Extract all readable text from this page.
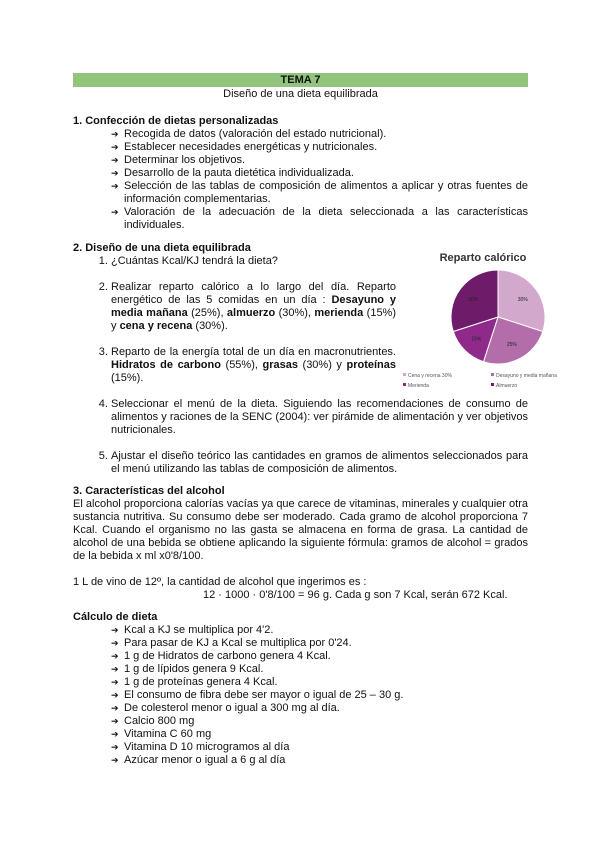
TEMA 7
Diseño de una dieta equilibrada
1. Confección de dietas personalizadas
➔ Recogida de datos (valoración del estado nutricional).
➔ Establecer necesidades energéticas y nutricionales.
➔ Determinar los objetivos.
➔ Desarrollo de la pauta dietética individualizada.
➔ Selección de las tablas de composición de alimentos a aplicar y otras fuentes de información complementarias.
➔ Valoración de la adecuación de la dieta seleccionada a las características individuales.
2. Diseño de una dieta equilibrada
1. ¿Cuántas Kcal/KJ tendrá la dieta?
2. Realizar reparto calórico a lo largo del día. Reparto energético de las 5 comidas en un día : Desayuno y media mañana (25%), almuerzo (30%), merienda (15%) y cena y recena (30%).
3. Reparto de la energía total de un día en macronutrientes. Hidratos de carbono (55%), grasas (30%) y proteínas (15%).
4. Seleccionar el menú de la dieta. Siguiendo las recomendaciones de consumo de alimentos y raciones de la SENC (2004): ver pirámide de alimentación y ver objetivos nutricionales.
5. Ajustar el diseño teórico las cantidades en gramos de alimentos seleccionados para el menú utilizando las tablas de composición de alimentos.
Reparto calórico
30%
25%
15%
30%
Cena y recena 30%	Desayuno y media mañana
Merienda	Almuerzo
3. Características del alcohol

El alcohol proporciona calorías vacías ya que carece de vitaminas, minerales y cualquier otra sustancia nutritiva. Su consumo debe ser moderado. Cada gramo de alcohol proporciona 7 Kcal. Cuando el organismo no las gasta se almacena en forma de grasa. La cantidad de alcohol de una bebida se obtiene aplicando la siguiente fórmula: gramos de alcohol = grados de la bebida x ml x0'8/100.

1 L de vino de 12º, la cantidad de alcohol que ingerimos es :

12 · 1000 · 0'8/100 = 96 g. Cada g son 7 Kcal, serán 672 Kcal.

Cálculo de dieta
➔ Kcal a KJ se multiplica por 4'2.
➔ Para pasar de KJ a Kcal se multiplica por 0'24.
➔ 1 g de Hidratos de carbono genera 4 Kcal.
➔ 1 g de lípidos genera 9 Kcal.
➔ 1 g de proteínas genera 4 Kcal.
➔ El consumo de fibra debe ser mayor o igual de 25 – 30 g.
➔ De colesterol menor o igual a 300 mg al día.
➔ Calcio 800 mg
➔ Vitamina C 60 mg
➔ Vitamina D 10 microgramos al día
➔ Azúcar menor o igual a 6 g al día
